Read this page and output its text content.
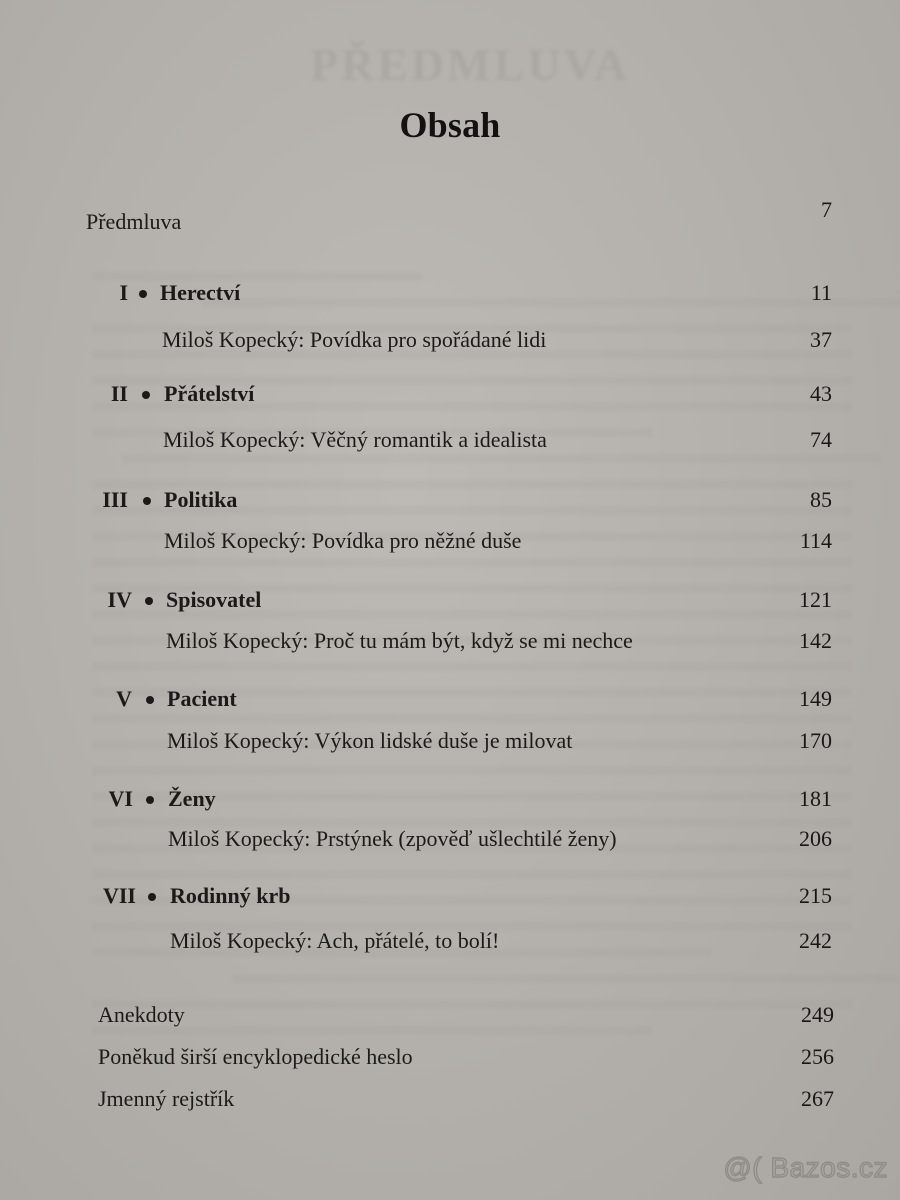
PŘEDMLUVA

Obsah
Předmluva	7
I Herectví	11
Miloš Kopecký: Povídka pro spořádané lidi	37
II Přátelství	43
Miloš Kopecký: Věčný romantik a idealista	74
III Politika	85
Miloš Kopecký: Povídka pro něžné duše	114
IV Spisovatel	121
Miloš Kopecký: Proč tu mám být, když se mi nechce	142
V Pacient	149
Miloš Kopecký: Výkon lidské duše je milovat	170
VI Ženy	181
Miloš Kopecký: Prstýnek (zpověď ušlechtilé ženy)	206
VII Rodinný krb	215
Miloš Kopecký: Ach, přátelé, to bolí!	242
Anekdoty	249
Poněkud širší encyklopedické heslo	256
Jmenný rejstřík	267
@( Bazos.cz
